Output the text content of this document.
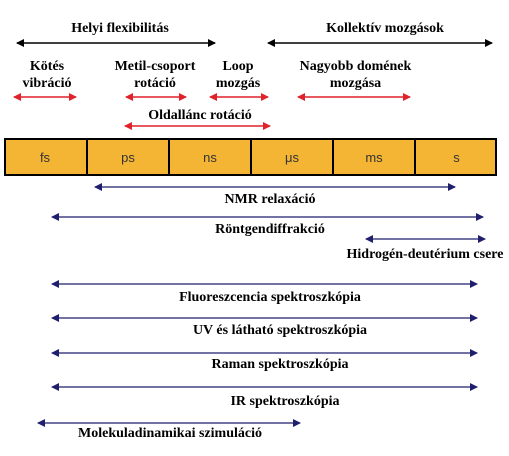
Helyi flexibilitás	Kollektív mozgások
Kötés vibráció
Metil-csoport rotáció
Loop mozgás
Nagyobb domének mozgása
Oldallánc rotáció
fs	ps	ns	μs	ms	s
NMR relaxáció
Röntgendiffrakció
Hidrogén-deutérium csere
Fluoreszcencia spektroszkópia
UV és látható spektroszkópia
Raman spektroszkópia
IR spektroszkópia
Molekuladinamikai szimuláció
